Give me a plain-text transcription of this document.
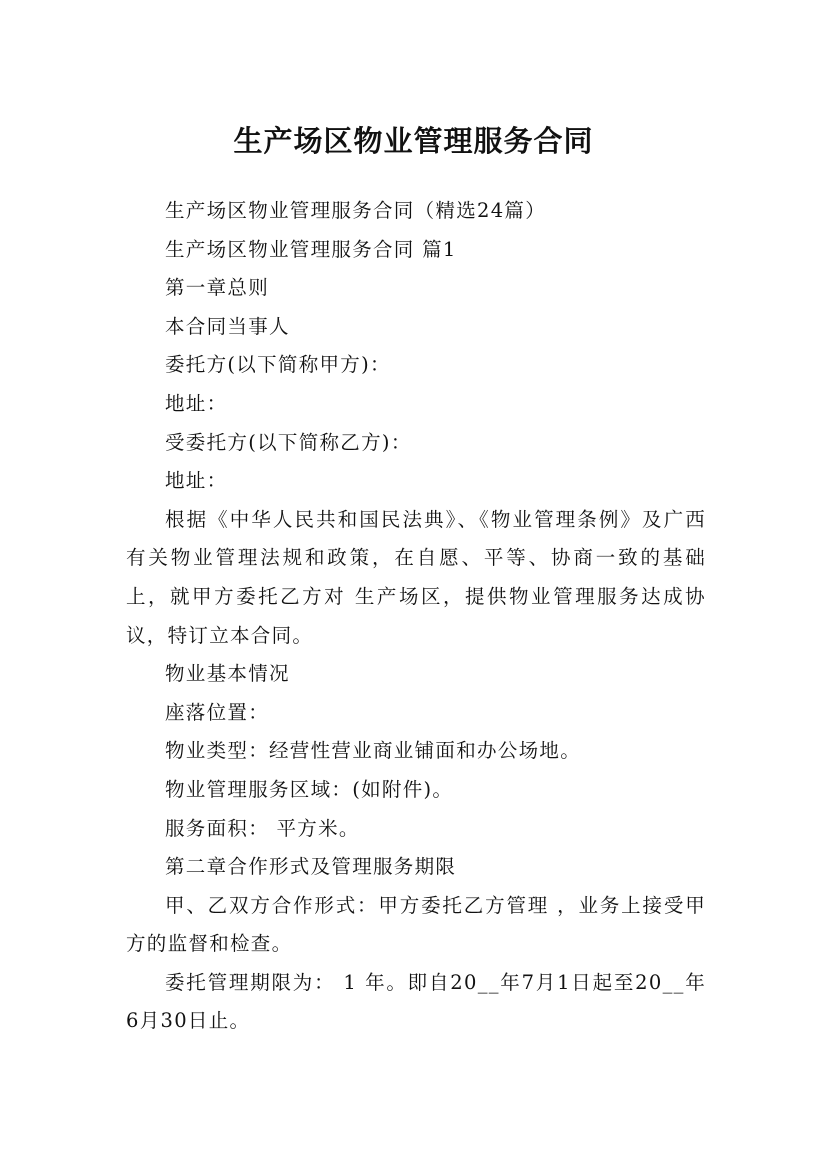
生产场区物业管理服务合同

生产场区物业管理服务合同（精选24篇）

生产场区物业管理服务合同 篇1

第一章总则

本合同当事人

委托方(以下简称甲方)：

地址：

受委托方(以下简称乙方)：

地址：

根据《中华人民共和国民法典》、《物业管理条例》及广西有关物业管理法规和政策，在自愿、平等、协商一致的基础上，就甲方委托乙方对 生产场区，提供物业管理服务达成协议，特订立本合同。

物业基本情况

座落位置：

物业类型：经营性营业商业铺面和办公场地。

物业管理服务区域：(如附件)。

服务面积： 平方米。

第二章合作形式及管理服务期限

甲、乙双方合作形式：甲方委托乙方管理 ，业务上接受甲方的监督和检查。

委托管理期限为： 1 年。即自20__年7月1日起至20__年6月30日止。
